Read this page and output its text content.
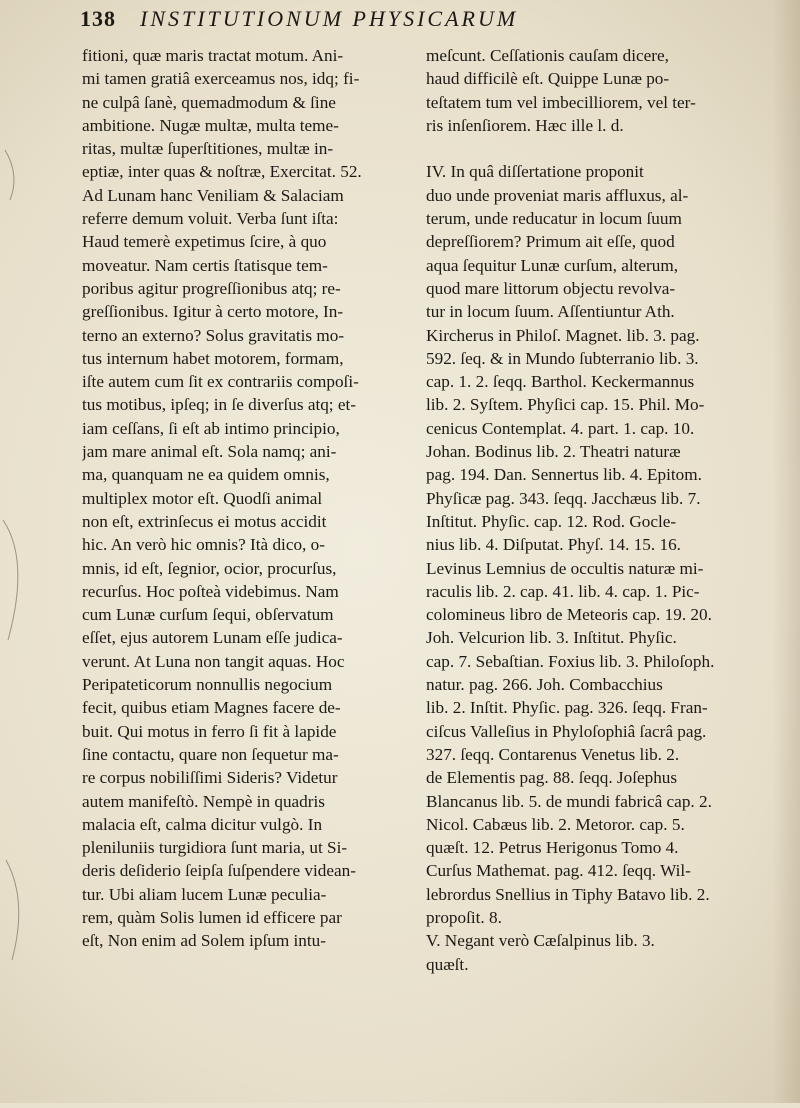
138	INSTITUTIONUM PHYSICARUM
fitioni, quæ maris tractat motum. Ani-
mi tamen gratiâ exerceamus nos, idq; fi-
ne culpâ ſanè, quemadmodum & ſine
ambitione. Nugæ multæ, multa teme-
ritas, multæ ſuperſtitiones, multæ in-
eptiæ, inter quas & noſtræ, Exercitat. 52.
Ad Lunam hanc Veniliam & Salaciam
referre demum voluit. Verba ſunt iſta:
Haud temerè expetimus ſcire, à quo
moveatur. Nam certis ſtatisque tem-
poribus agitur progreſſionibus atq; re-
greſſionibus. Igitur à certo motore, In-
terno an externo? Solus gravitatis mo-
tus internum habet motorem, formam,
iſte autem cum ſit ex contrariis compoſi-
tus motibus, ipſeq; in ſe diverſus atq; et-
iam ceſſans, ſi eſt ab intimo principio,
jam mare animal eſt. Sola namq; ani-
ma, quanquam ne ea quidem omnis,
multiplex motor eſt. Quodſi animal
non eſt, extrinſecus ei motus accidit
hic. An verò hic omnis? Ità dico, o-
mnis, id eſt, ſegnior, ocior, procurſus,
recurſus. Hoc poſteà videbimus. Nam
cum Lunæ curſum ſequi, obſervatum
eſſet, ejus autorem Lunam eſſe judica-
verunt. At Luna non tangit aquas. Hoc
Peripateticorum nonnullis negocium
fecit, quibus etiam Magnes facere de-
buit. Qui motus in ferro ſi fit à lapide
ſine contactu, quare non ſequetur ma-
re corpus nobiliſſimi Sideris? Videtur
autem manifeſtò. Nempè in quadris
malacia eſt, calma dicitur vulgò. In
pleniluniis turgidiora ſunt maria, ut Si-
deris deſiderio ſeipſa ſuſpendere videan-
tur. Ubi aliam lucem Lunæ peculia-
rem, quàm Solis lumen id efficere par
eſt, Non enim ad Solem ipſum intu-
meſcunt. Ceſſationis cauſam dicere,
haud difficilè eſt. Quippe Lunæ po-
teſtatem tum vel imbecilliorem, vel ter-
ris inſenſiorem. Hæc ille l. d.
IV. In quâ diſſertatione proponit
duo unde proveniat maris affluxus, al-
terum, unde reducatur in locum ſuum
depreſſiorem? Primum ait eſſe, quod
aqua ſequitur Lunæ curſum, alterum,
quod mare littorum objectu revolva-
tur in locum ſuum. Aſſentiuntur Ath.
Kircherus in Philoſ. Magnet. lib. 3. pag.
592. ſeq. & in Mundo ſubterranio lib. 3.
cap. 1. 2. ſeqq. Barthol. Keckermannus
lib. 2. Syſtem. Phyſici cap. 15. Phil. Mo-
cenicus Contemplat. 4. part. 1. cap. 10.
Johan. Bodinus lib. 2. Theatri naturæ
pag. 194. Dan. Sennertus lib. 4. Epitom.
Phyſicæ pag. 343. ſeqq. Jacchæus lib. 7.
Inſtitut. Phyſic. cap. 12. Rod. Gocle-
nius lib. 4. Diſputat. Phyſ. 14. 15. 16.
Levinus Lemnius de occultis naturæ mi-
raculis lib. 2. cap. 41. lib. 4. cap. 1. Pic-
colomineus libro de Meteoris cap. 19. 20.
Joh. Velcurion lib. 3. Inſtitut. Phyſic.
cap. 7. Sebaſtian. Foxius lib. 3. Philoſoph.
natur. pag. 266. Joh. Combacchius
lib. 2. Inſtit. Phyſic. pag. 326. ſeqq. Fran-
ciſcus Valleſius in Phyloſophiâ ſacrâ pag.
327. ſeqq. Contarenus Venetus lib. 2.
de Elementis pag. 88. ſeqq. Joſephus
Blancanus lib. 5. de mundi fabricâ cap. 2.
Nicol. Cabæus lib. 2. Metoror. cap. 5.
quæſt. 12. Petrus Herigonus Tomo 4.
Curſus Mathemat. pag. 412. ſeqq. Wil-
lebrordus Snellius in Tiphy Batavo lib. 2.
propoſit. 8.
V. Negant verò Cæſalpinus lib. 3.
quæſt.
